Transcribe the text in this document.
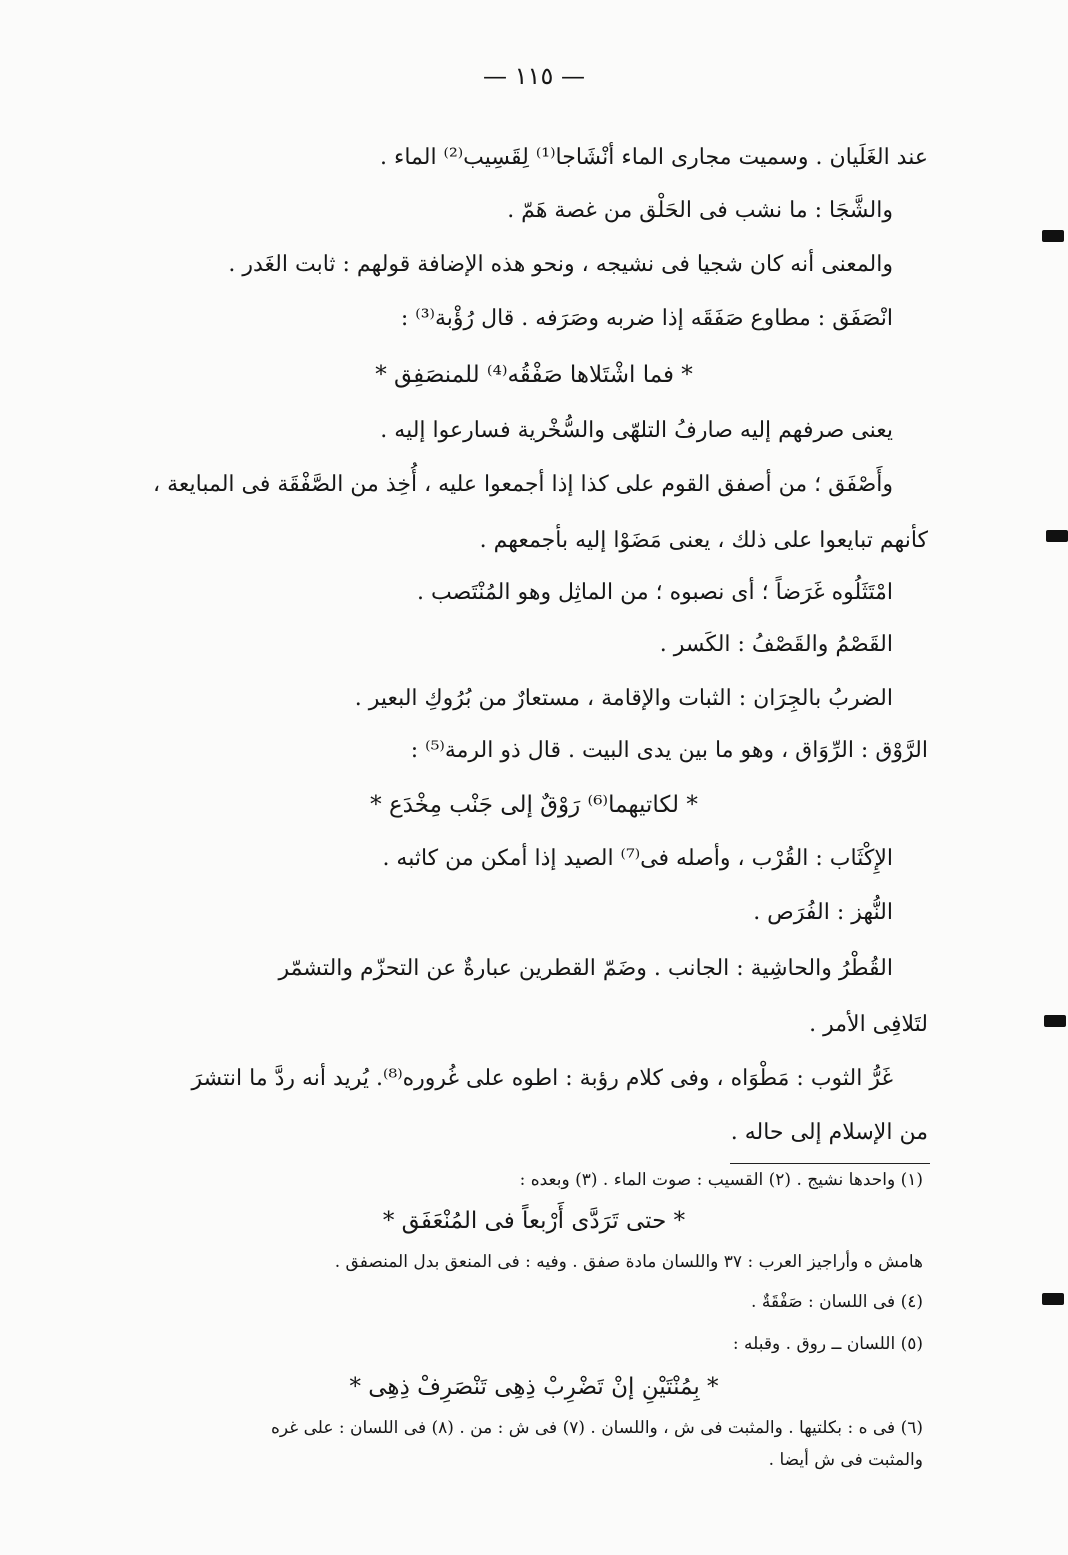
— ١١٥ —
عند الغَلَيان . وسميت مجارى الماء أنْشَاجا⁽¹⁾ لِقَسِيب⁽²⁾ الماء .
والشَّجَا : ما نشب فى الحَلْق من غصة هَمّ .
والمعنى أنه كان شجيا فى نشيجه ، ونحو هذه الإضافة قولهم : ثابت الغَدر .
انْصَفَق : مطاوع صَفَقَه إذا ضربه وصَرَفه . قال رُؤْبة⁽³⁾ :
* فما اشْتَلاها صَفْقُه⁽⁴⁾ للمنصَفِق *
يعنى صرفهم إليه صارفُ التلهّى والسُّخْرية فسارعوا إليه .
وأَصْفَق ؛ من أصفق القوم على كذا إذا أجمعوا عليه ، أُخِذ من الصَّفْقَة فى المبايعة ،
كأنهم تبايعوا على ذلك ، يعنى مَضَوْا إليه بأجمعهم .
امْتَثَلُوه غَرَضاً ؛ أى نصبوه ؛ من الماثِل وهو المُنْتَصب .
القَصْمُ والقَصْفُ : الكَسر .
الضربُ بالجِرَان : الثبات والإقامة ، مستعارٌ من بُرُوكِ البعير .
الرَّوْق : الرِّوَاق ، وهو ما بين يدى البيت . قال ذو الرمة⁽⁵⁾ :
* لكاتيهما⁽⁶⁾ رَوْقٌ إلى جَنْب مِخْدَع *
الإِكْثَاب : القُرْب ، وأصله فى⁽⁷⁾ الصيد إذا أمكن من كاثبه .
النُّهز : الفُرَص .
القُطْرُ والحاشِية : الجانب . وضَمّ القطرين عبارةٌ عن التحزّم والتشمّر
لتَلافِى الأمر .
غَرُّ الثوب : مَطْوَاه ، وفى كلام رؤبة : اطوه على غُروره⁽⁸⁾. يُريد أنه ردَّ ما انتشرَ
من الإسلام إلى حاله .
(١) واحدها نشيج . (٢) القسيب : صوت الماء . (٣) وبعده :
* حتى تَرَدَّى أَرْبعاً فى المُنْعَفَق *
هامش ه وأراجيز العرب : ٣٧ واللسان مادة صفق . وفيه : فى المنعق بدل المنصفق .
(٤) فى اللسان : صَفْقَةٌ .
(٥) اللسان ــ روق . وقبله :
* بِمُنْتَيْنِ إنْ تَضْرِبْ ذِهِى تَنْصَرِفْ ذِهِى *
(٦) فى ه : بكلتيها . والمثبت فى ش ، واللسان . (٧) فى ش : من . (٨) فى اللسان : على غره
والمثبت فى ش أيضا .
